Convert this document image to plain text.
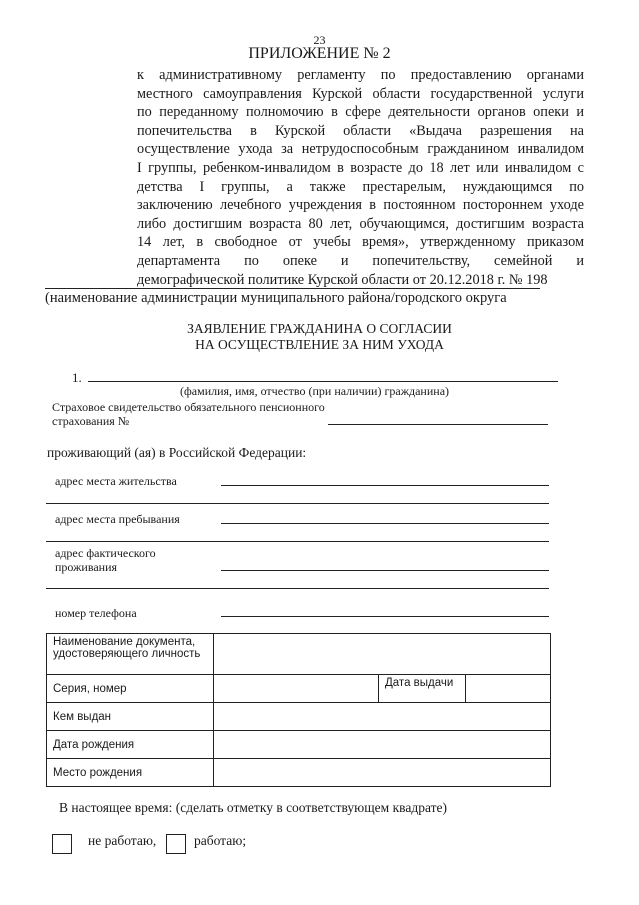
23
ПРИЛОЖЕНИЕ № 2
к административному регламенту по предоставлению органами
местного самоуправления Курской области государственной услуги
по переданному полномочию в сфере деятельности органов опеки и
попечительства в Курской области «Выдача разрешения на
осуществление ухода за нетрудоспособным гражданином инвалидом
I группы, ребенком-инвалидом в возрасте до 18 лет или инвалидом с
детства I группы, а также престарелым, нуждающимся по
заключению лечебного учреждения в постоянном постороннем уходе
либо достигшим возраста 80 лет, обучающимся, достигшим возраста
14 лет, в свободное от учебы время», утвержденному приказом
департамента по опеке и попечительству, семейной и
демографической политике Курской области от 20.12.2018 г. № 198
(наименование администрации муниципального района/городского округа
ЗАЯВЛЕНИЕ ГРАЖДАНИНА О СОГЛАСИИ
НА ОСУЩЕСТВЛЕНИЕ ЗА НИМ УХОДА
1.
(фамилия, имя, отчество (при наличии) гражданина)
Страховое свидетельство обязательного пенсионного
страхования №
проживающий (ая) в Российской Федерации:
адрес места жительства
адрес места пребывания
адрес фактического
проживания
номер телефона
Наименование документа,
удостоверяющего личность			

Серия, номер		Дата выдачи	
Кем выдан			
Дата рождения			
Место рождения			
В настоящее время: (сделать отметку в соответствующем квадрате)
не работаю,	работаю;
